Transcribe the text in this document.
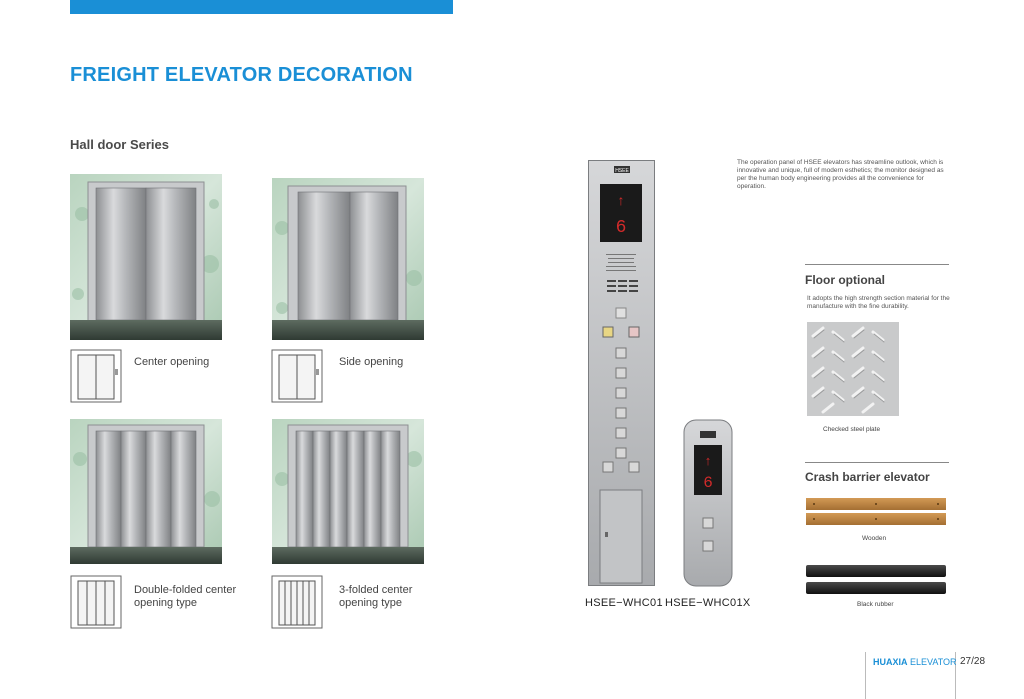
FREIGHT ELEVATOR DECORATION
Hall door Series
Center opening	Side opening
Double-folded center
opening type
3-folded center
opening type
HSEE
↑
6
↑
6
HSEE−WHC01 HSEE−WHC01X
The operation panel of HSEE elevators has streamline outlook, which is innovative and unique, full of modern esthetics; the monitor designed as per the human body engineering provides all the convenience for operation.
Floor optional
It adopts the high strength section material for the manufacture with the fine durability.
Checked steel plate
Crash barrier elevator
Wooden
Black rubber
HUAXIA ELEVATOR 27/28
